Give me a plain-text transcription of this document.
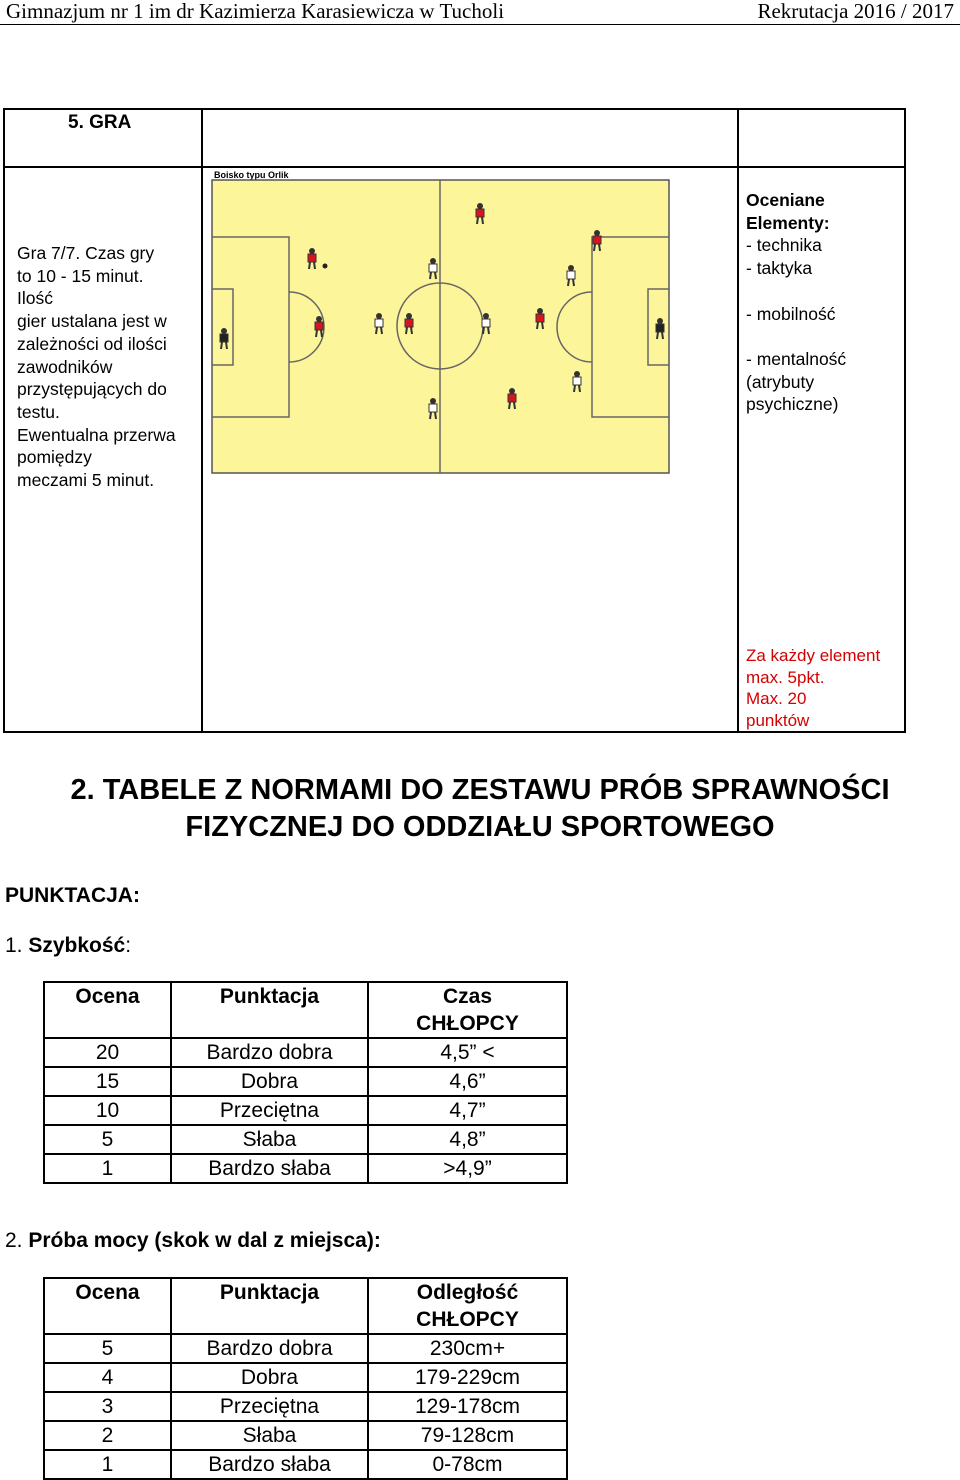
Gimnazjum nr 1 im dr Kazimierza Karasiewicza w Tucholi	Rekrutacja 2016 / 2017
5. GRA
Gra 7/7. Czas gry
to 10 - 15 minut.
Ilość
gier ustalana jest w
zależności od ilości
zawodników
przystępujących do
testu.
Ewentualna przerwa
pomiędzy
meczami 5 minut.
Boisko typu Orlik
Oceniane
Elementy:
- technika
- taktyka
- mobilność
- mentalność
(atrybuty
psychiczne)
Za każdy element
max. 5pkt.
Max. 20
punktów
2. TABELE Z NORMAMI DO ZESTAWU PRÓB SPRAWNOŚCI
FIZYCZNEJ DO ODDZIAŁU SPORTOWEGO
PUNKTACJA:
1. Szybkość:
Ocena	Punktacja	Czas
CHŁOPCY

20	Bardzo dobra	4,5” <
15	Dobra	4,6”
10	Przeciętna	4,7”
5	Słaba	4,8”
1	Bardzo słaba	>4,9”
2. Próba mocy (skok w dal z miejsca):
Ocena	Punktacja	Odległość
CHŁOPCY

5	Bardzo dobra	230cm+
4	Dobra	179-229cm
3	Przeciętna	129-178cm
2	Słaba	79-128cm
1	Bardzo słaba	0-78cm
